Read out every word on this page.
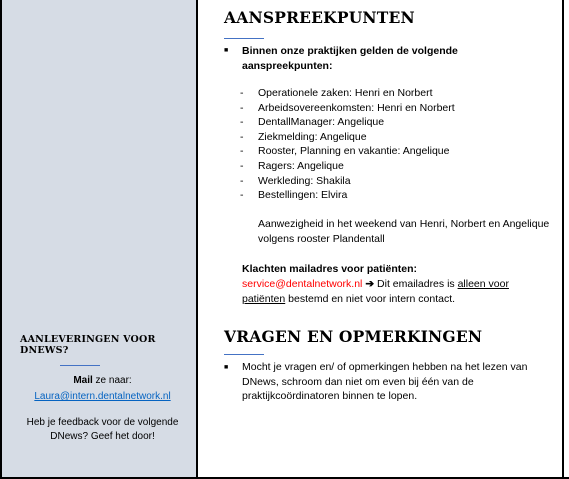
AANLEVERINGEN VOOR DNEWS?

Mail ze naar:

Laura@intern.dentalnetwork.nl
Heb je feedback voor de volgende DNews? Geef het door!
AANSPREEKPUNTEN
■ Binnen onze praktijken gelden de volgende aanspreekpunten:
- Operationele zaken: Henri en Norbert
- Arbeidsovereenkomsten: Henri en Norbert
- DentallManager: Angelique
- Ziekmelding: Angelique
- Rooster, Planning en vakantie: Angelique
- Ragers: Angelique
- Werkleding: Shakila
- Bestellingen: Elvira
Aanwezigheid in het weekend van Henri, Norbert en Angelique volgens rooster Plandentall
Klachten mailadres voor patiënten:
service@dentalnetwork.nl ➔ Dit emailadres is alleen voor patiënten bestemd en niet voor intern contact.
VRAGEN EN OPMERKINGEN
■ Mocht je vragen en/ of opmerkingen hebben na het lezen van DNews, schroom dan niet om even bij één van de praktijkcoördinatoren binnen te lopen.
